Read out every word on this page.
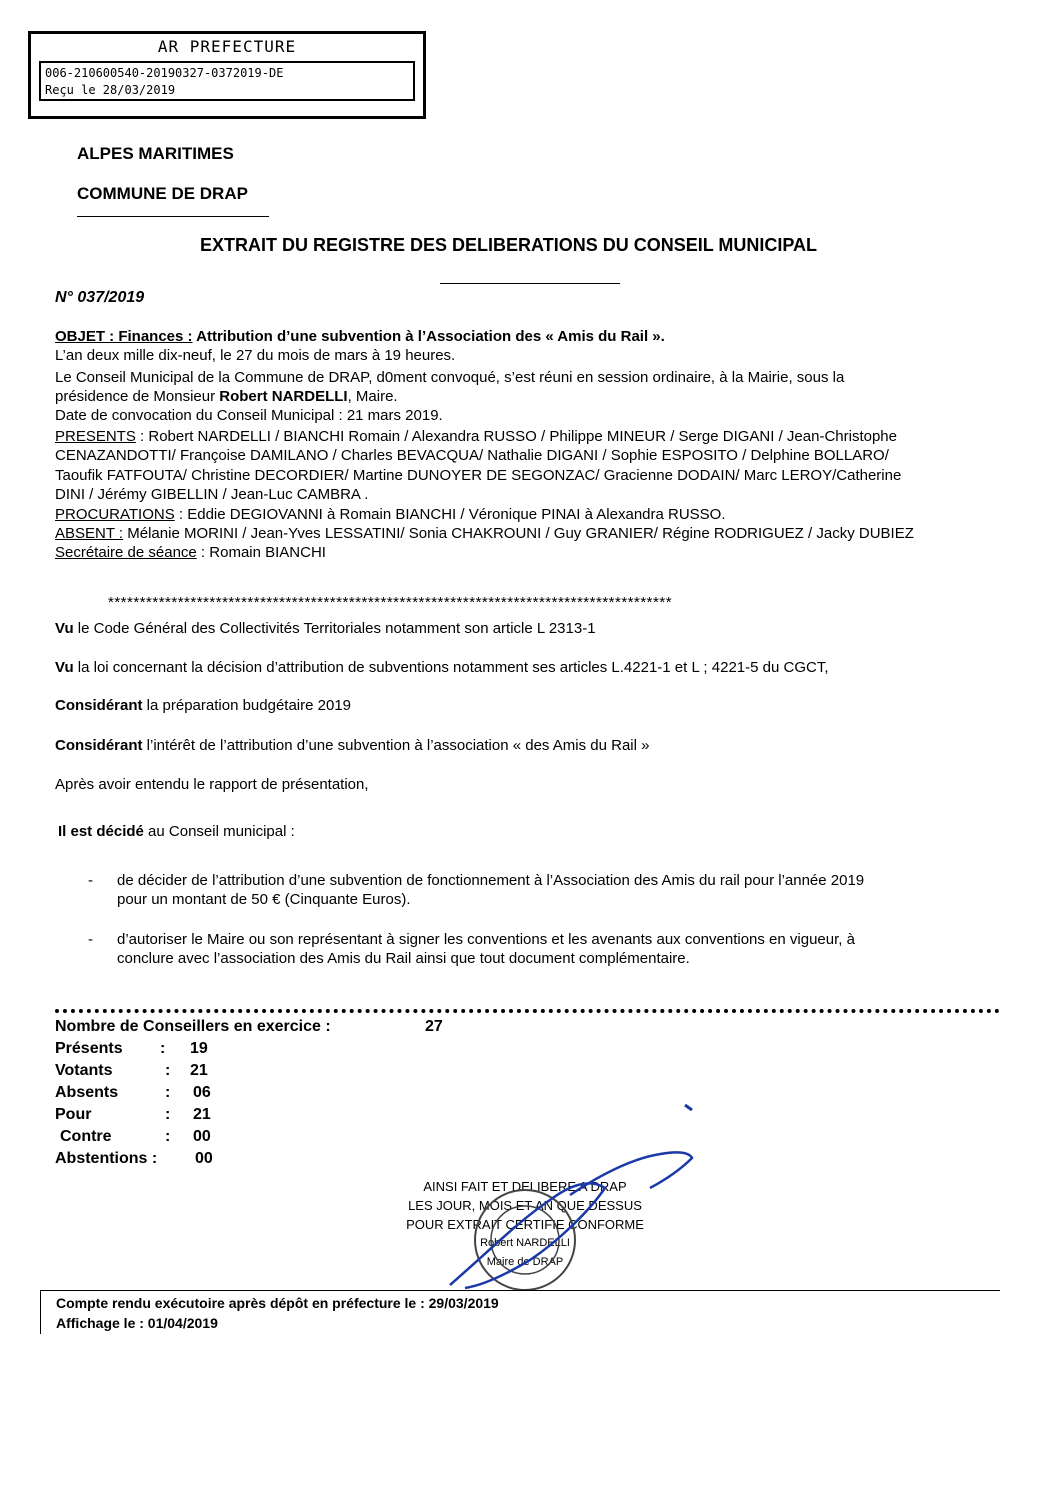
AR PREFECTURE
006-210600540-20190327-0372019-DE
Reçu le 28/03/2019
ALPES MARITIMES
COMMUNE DE DRAP
EXTRAIT DU REGISTRE DES DELIBERATIONS DU CONSEIL MUNICIPAL
N° 037/2019
OBJET : Finances : Attribution d’une subvention à l’Association des « Amis du Rail ».
L’an deux mille dix-neuf, le 27 du mois de mars à 19 heures.
Le Conseil Municipal de la Commune de DRAP, d0ment convoqué, s’est réuni en session ordinaire, à la Mairie, sous la
présidence de Monsieur Robert NARDELLI, Maire.
Date de convocation du Conseil Municipal : 21 mars 2019.
PRESENTS : Robert NARDELLI / BIANCHI Romain / Alexandra RUSSO / Philippe MINEUR / Serge DIGANI / Jean-Christophe
CENAZANDOTTI/ Françoise DAMILANO / Charles BEVACQUA/ Nathalie DIGANI / Sophie ESPOSITO / Delphine BOLLARO/
Taoufik FATFOUTA/ Christine DECORDIER/ Martine DUNOYER DE SEGONZAC/ Gracienne DODAIN/ Marc LEROY/Catherine
DINI / Jérémy GIBELLIN / Jean-Luc CAMBRA .
PROCURATIONS : Eddie DEGIOVANNI à Romain BIANCHI / Véronique PINAI à Alexandra RUSSO.
ABSENT : Mélanie MORINI / Jean-Yves LESSATINI/ Sonia CHAKROUNI / Guy GRANIER/ Régine RODRIGUEZ / Jacky DUBIEZ
Secrétaire de séance : Romain BIANCHI
*****************************************************************************************
Vu le Code Général des Collectivités Territoriales notamment son article L 2313-1
Vu la loi concernant la décision d’attribution de subventions notamment ses articles L.4221-1 et L ; 4221-5 du CGCT,
Considérant la préparation budgétaire 2019
Considérant l’intérêt de l’attribution d’une subvention à l’association « des Amis du Rail »
Après avoir entendu le rapport de présentation,
Il est décidé au Conseil municipal :
- de décider de l’attribution d’une subvention de fonctionnement à l’Association des Amis du rail pour l’année 2019
pour un montant de 50 € (Cinquante Euros).
- d’autoriser le Maire ou son représentant à signer les conventions et les avenants aux conventions en vigueur, à
conclure avec l’association des Amis du Rail ainsi que tout document complémentaire.
Nombre de Conseillers en exercice :	27
Présents : 19
Votants	: 21
Absents	: 06
Pour	: 21
Contre	: 00
Abstentions : 00
AINSI FAIT ET DELIBERE A DRAP
LES JOUR, MOIS ET AN QUE DESSUS
POUR EXTRAIT CERTIFIE CONFORME
Robert NARDELLI
Maire de DRAP
Compte rendu exécutoire après dépôt en préfecture le : 29/03/2019
Affichage le : 01/04/2019
